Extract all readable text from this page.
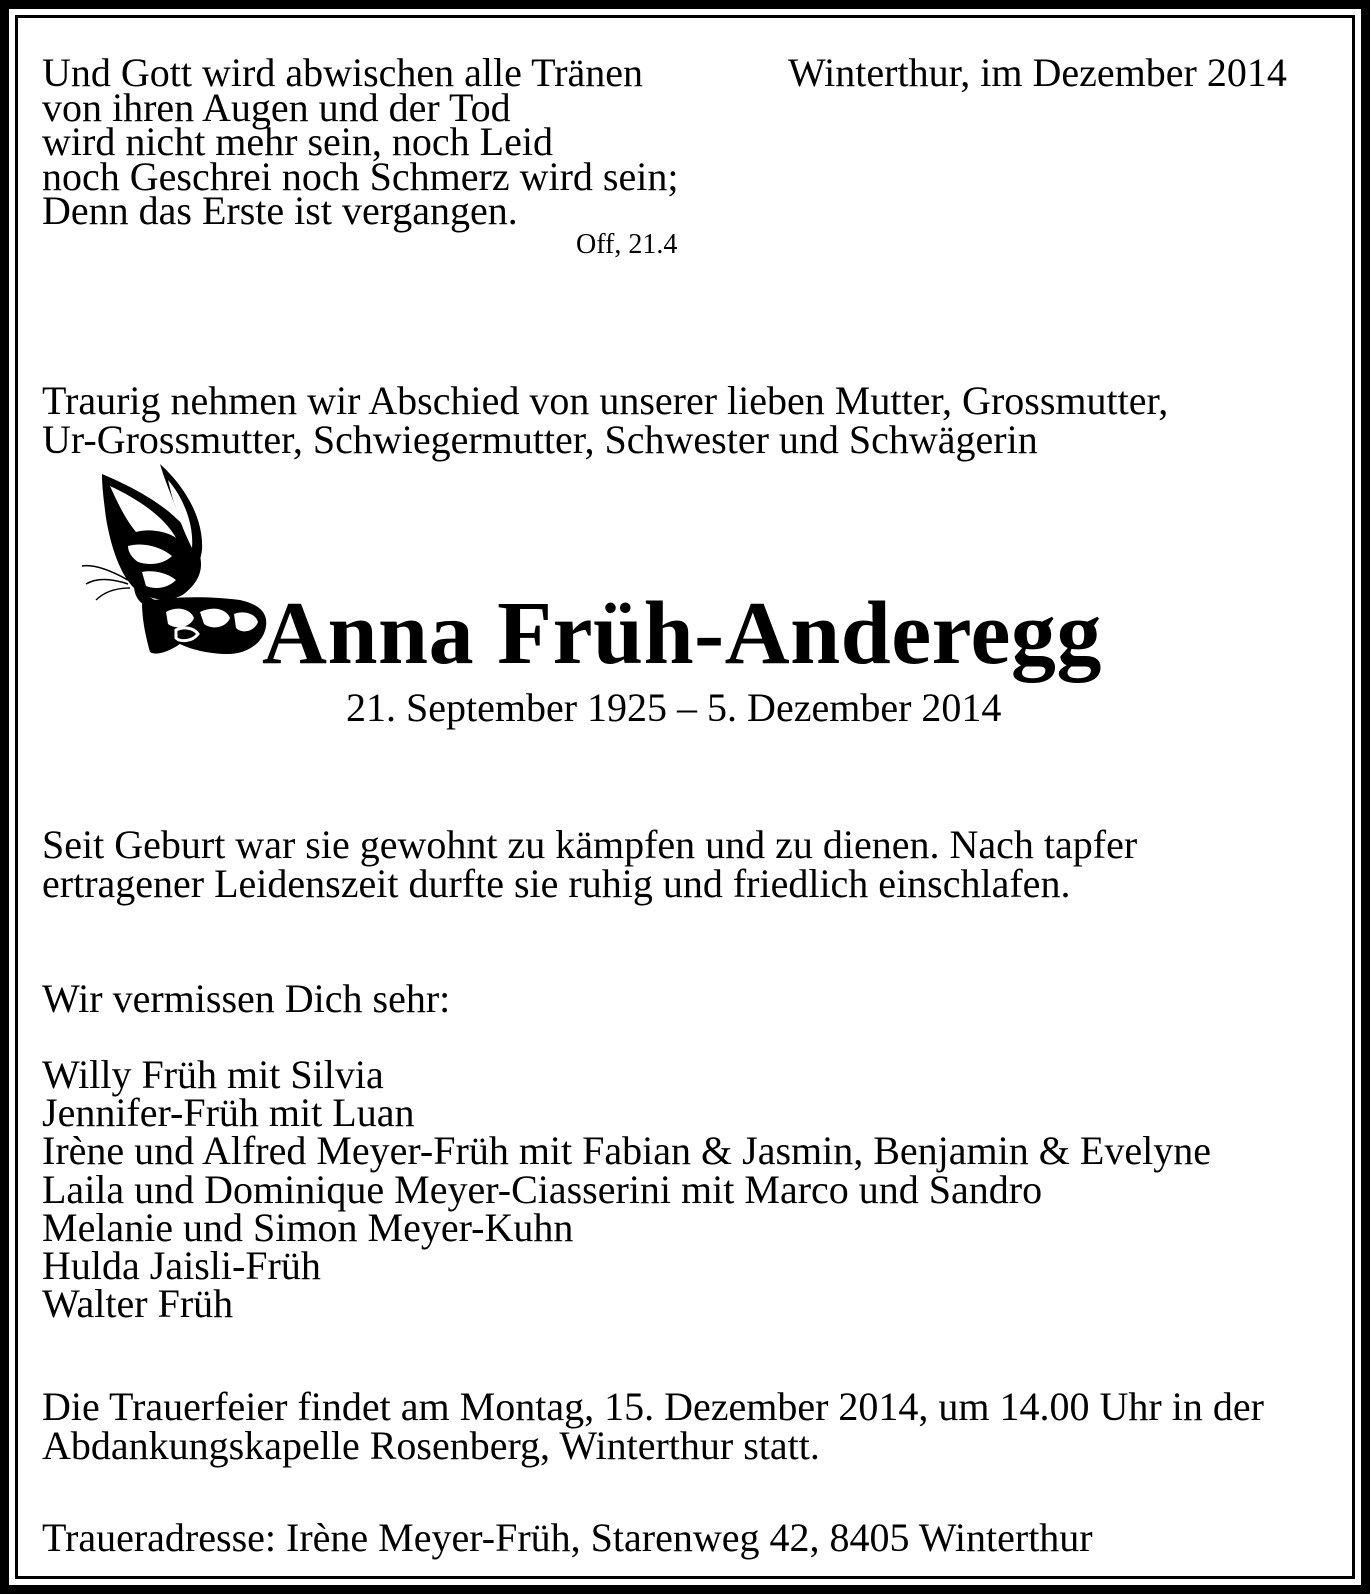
Und Gott wird abwischen alle Tränen
von ihren Augen und der Tod
wird nicht mehr sein, noch Leid
noch Geschrei noch Schmerz wird sein;
Denn das Erste ist vergangen.
Off, 21.4
Winterthur, im Dezember 2014
Traurig nehmen wir Abschied von unserer lieben Mutter, Grossmutter,
Ur-Grossmutter, Schwiegermutter, Schwester und Schwägerin
Anna Früh-Anderegg
21. September 1925 – 5. Dezember 2014
Seit Geburt war sie gewohnt zu kämpfen und zu dienen. Nach tapfer
ertragener Leidenszeit durfte sie ruhig und friedlich einschlafen.
Wir vermissen Dich sehr:
Willy Früh mit Silvia
Jennifer-Früh mit Luan
Irène und Alfred Meyer-Früh mit Fabian & Jasmin, Benjamin & Evelyne
Laila und Dominique Meyer-Ciasserini mit Marco und Sandro
Melanie und Simon Meyer-Kuhn
Hulda Jaisli-Früh
Walter Früh
Die Trauerfeier findet am Montag, 15. Dezember 2014, um 14.00 Uhr in der
Abdankungskapelle Rosenberg, Winterthur statt.
Traueradresse: Irène Meyer-Früh, Starenweg 42, 8405 Winterthur
